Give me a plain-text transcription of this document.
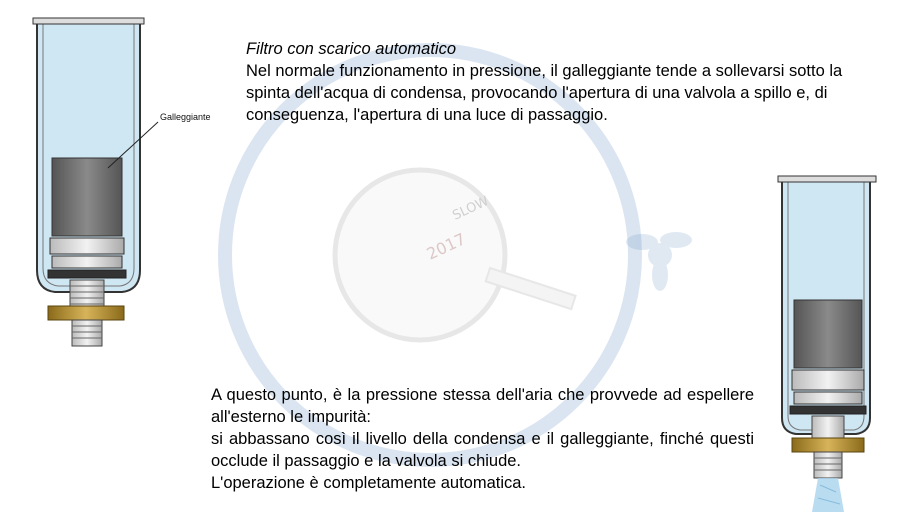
SLOW
2017
Galleggiante
Filtro con scarico automatico
Nel normale funzionamento in pressione, il galleggiante tende a sollevarsi sotto la spinta dell'acqua di condensa, provocando l'apertura di una valvola a spillo e, di conseguenza, l'apertura di una luce di passaggio.
A questo punto, è la pressione stessa dell'aria che provvede ad espellere all'esterno le impurità:
si abbassano così il livello della condensa e il galleggiante, finché questi occlude il passaggio e la valvola si chiude.
L'operazione è completamente automatica.
